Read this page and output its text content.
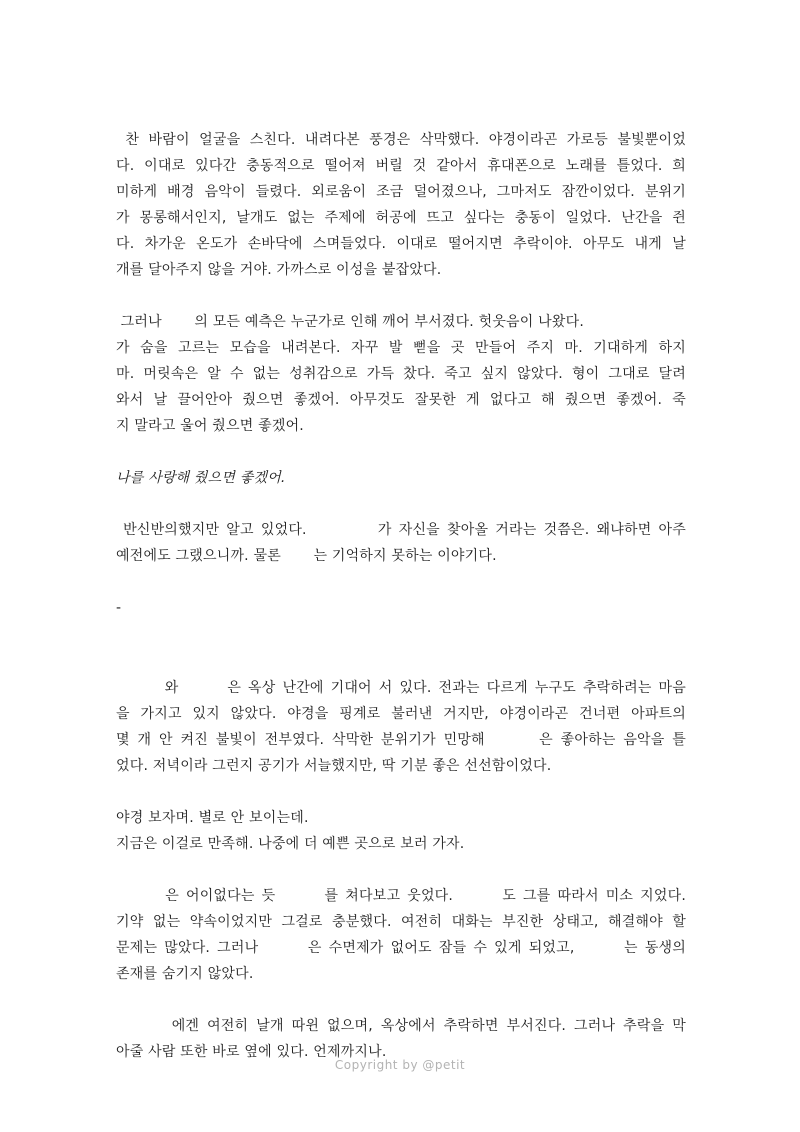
찬 바람이 얼굴을 스친다. 내려다본 풍경은 삭막했다. 야경이라곤 가로등 불빛뿐이었
다. 이대로 있다간 충동적으로 떨어져 버릴 것 같아서 휴대폰으로 노래를 틀었다. 희
미하게 배경 음악이 들렸다. 외로움이 조금 덜어졌으나, 그마저도 잠깐이었다. 분위기
가 몽롱해서인지, 날개도 없는 주제에 허공에 뜨고 싶다는 충동이 일었다. 난간을 쥔
다. 차가운 온도가 손바닥에 스며들었다. 이대로 떨어지면 추락이야. 아무도 내게 날
개를 달아주지 않을 거야. 가까스로 이성을 붙잡았다.
그러나       의 모든 예측은 누군가로 인해 깨어 부서졌다. 헛웃음이 나왔다.
가 숨을 고르는 모습을 내려본다. 자꾸 발 뻗을 곳 만들어 주지 마. 기대하게 하지
마. 머릿속은 알 수 없는 성취감으로 가득 찼다. 죽고 싶지 않았다. 형이 그대로 달려
와서 날 끌어안아 줬으면 좋겠어. 아무것도 잘못한 게 없다고 해 줬으면 좋겠어. 죽
지 말라고 울어 줬으면 좋겠어.
나를 사랑해 줬으면 좋겠어.
반신반의했지만 알고 있었다.          가 자신을 찾아올 거라는 것쯤은. 왜냐하면 아주
예전에도 그랬으니까. 물론       는 기억하지 못하는 이야기다.
-
와       은 옥상 난간에 기대어 서 있다. 전과는 다르게 누구도 추락하려는 마음
을 가지고 있지 않았다. 야경을 핑계로 불러낸 거지만, 야경이라곤 건너편 아파트의
몇 개 안 켜진 불빛이 전부였다. 삭막한 분위기가 민망해       은 좋아하는 음악을 틀
었다. 저녁이라 그런지 공기가 서늘했지만, 딱 기분 좋은 선선함이었다.
야경 보자며. 별로 안 보이는데.
지금은 이걸로 만족해. 나중에 더 예쁜 곳으로 보러 가자.
은 어이없다는 듯       를 쳐다보고 웃었다.       도 그를 따라서 미소 지었다.
기약 없는 약속이었지만 그걸로 충분했다. 여전히 대화는 부진한 상태고, 해결해야 할
문제는 많았다. 그러나       은 수면제가 없어도 잠들 수 있게 되었고,       는 동생의
존재를 숨기지 않았다.
에겐 여전히 날개 따윈 없으며, 옥상에서 추락하면 부서진다. 그러나 추락을 막
아줄 사람 또한 바로 옆에 있다. 언제까지나.
Copyright by @petit
